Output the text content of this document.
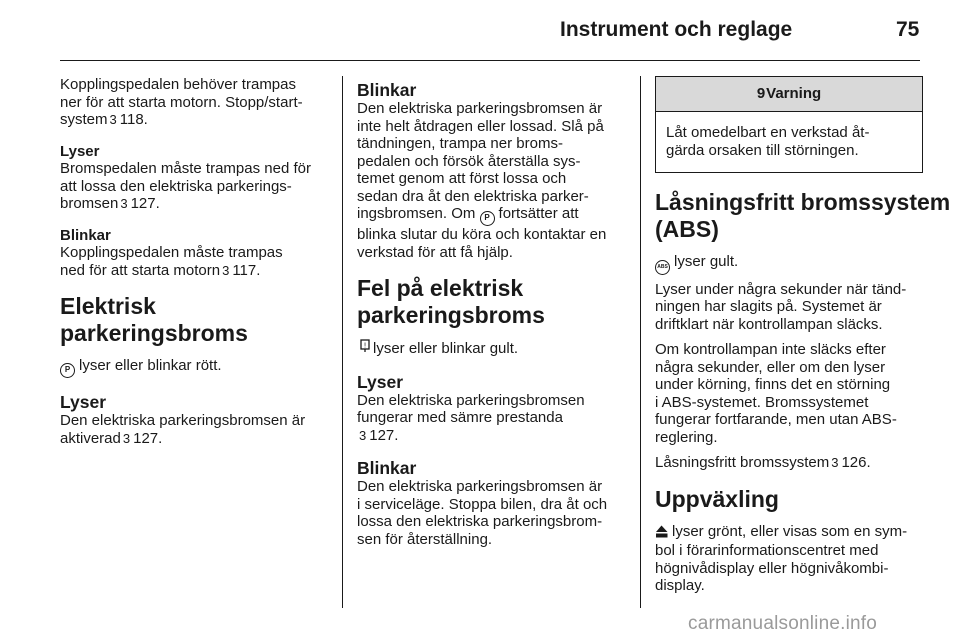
Instrument och reglage	75
Kopplingspedalen behöver trampas
ner för att starta motorn. Stopp/start-
system 3 118.
Lyser
Bromspedalen måste trampas ned för
att lossa den elektriska parkerings-
bromsen 3 127.
Blinkar
Kopplingspedalen måste trampas
ned för att starta motorn 3 117.
Elektrisk parkeringsbroms
P lyser eller blinkar rött.
Lyser
Den elektriska parkeringsbromsen är
aktiverad 3 127.
Blinkar
Den elektriska parkeringsbromsen är
inte helt åtdragen eller lossad. Slå på
tändningen, trampa ner broms-
pedalen och försök återställa sys-
temet genom att först lossa och
sedan dra åt den elektriska parker-
ingsbromsen. Om P fortsätter att
blinka slutar du köra och kontaktar en
verkstad för att få hjälp.
Fel på elektrisk
parkeringsbroms
! lyser eller blinkar gult.
Lyser
Den elektriska parkeringsbromsen
fungerar med sämre prestanda
3 127.
Blinkar
Den elektriska parkeringsbromsen är
i serviceläge. Stoppa bilen, dra åt och
lossa den elektriska parkeringsbrom-
sen för återställning.
9Varning
Låt omedelbart en verkstad åt-
gärda orsaken till störningen.
Låsningsfritt bromssystem
(ABS)
ABS lyser gult.
Lyser under några sekunder när tänd-
ningen har slagits på. Systemet är
driftklart när kontrollampan släcks.
Om kontrollampan inte släcks efter
några sekunder, eller om den lyser
under körning, finns det en störning
i ABS-systemet. Bromssystemet
fungerar fortfarande, men utan ABS-
reglering.
Låsningsfritt bromssystem 3 126.
Uppväxling
lyser grönt, eller visas som en sym-
bol i förarinformationscentret med
högnivådisplay eller högnivåkombi-
display.
carmanualsonline.info
